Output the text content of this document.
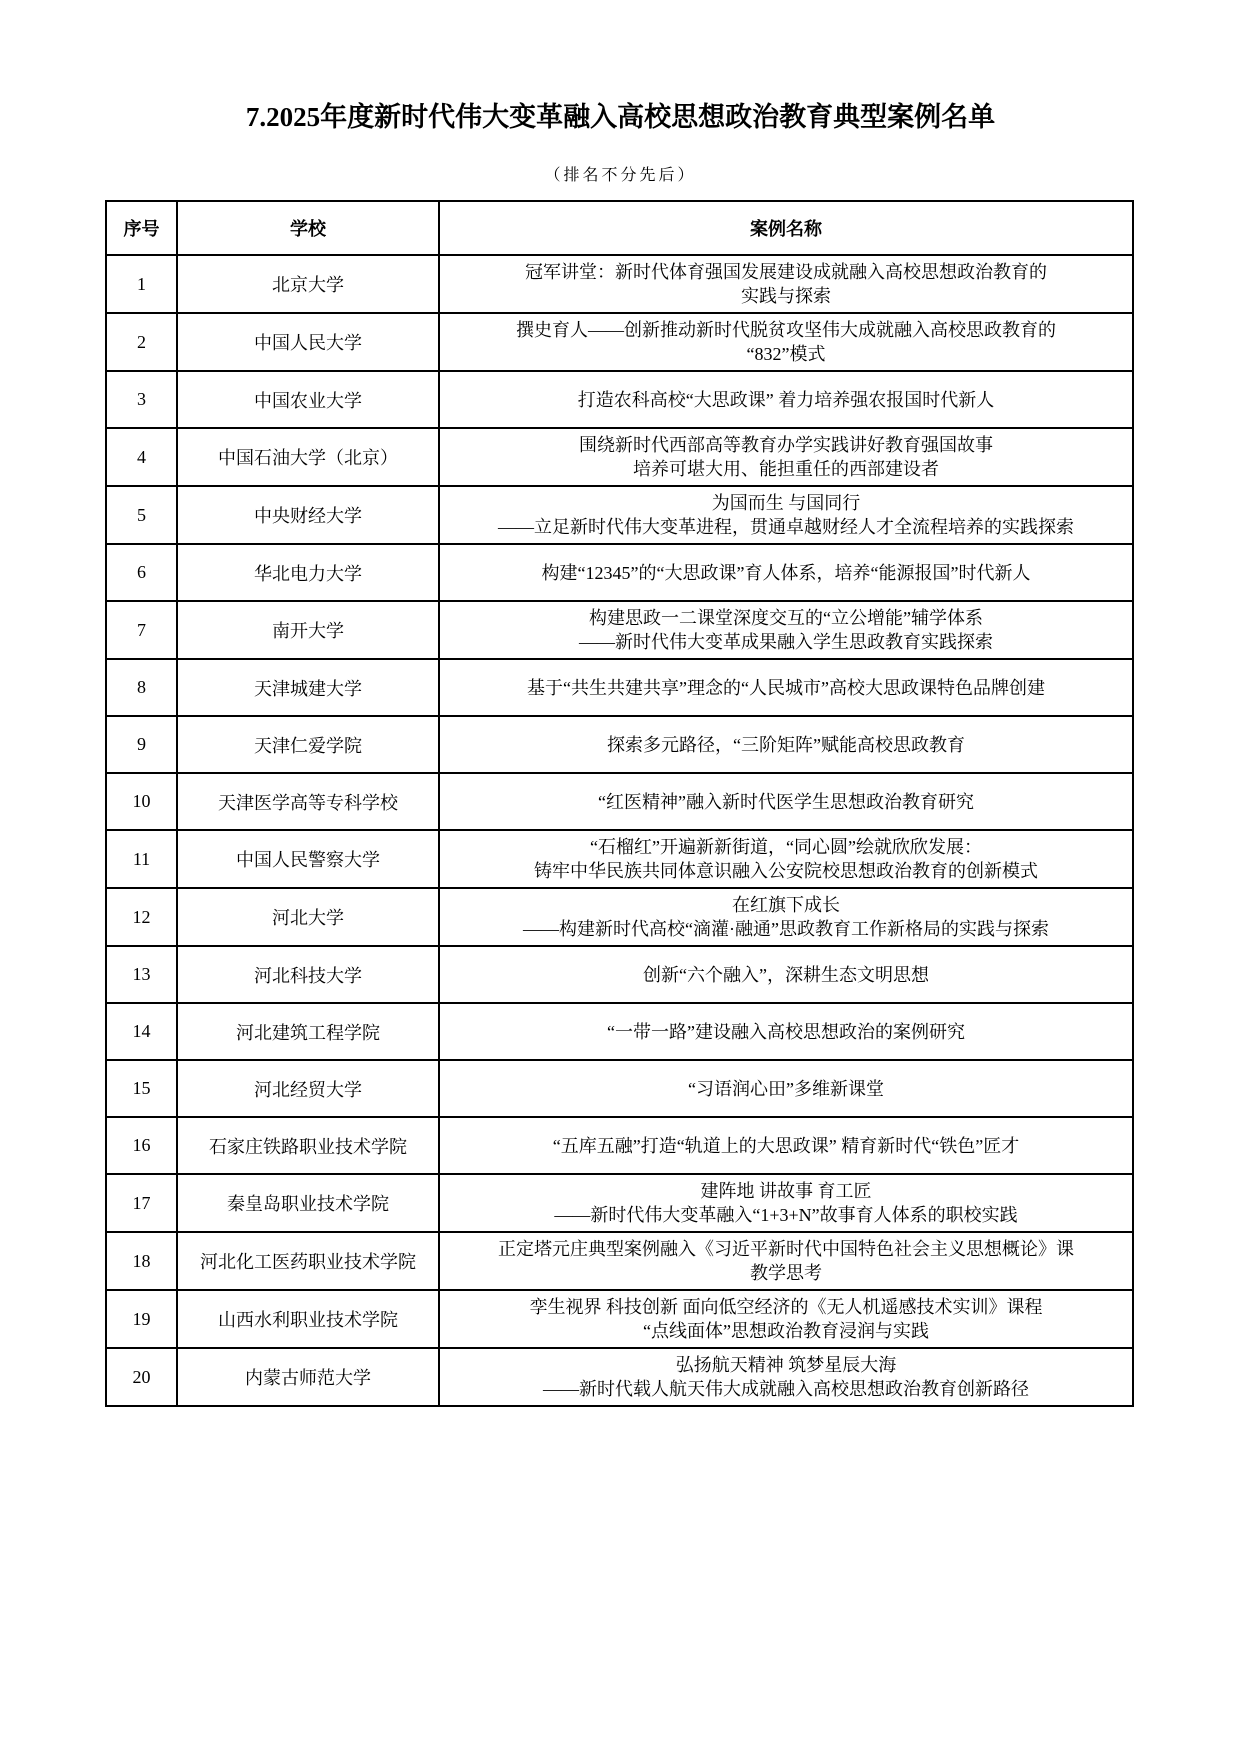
7.2025年度新时代伟大变革融入高校思想政治教育典型案例名单
（排名不分先后）
序号	学校	案例名称
1	北京大学	冠军讲堂：新时代体育强国发展建设成就融入高校思想政治教育的
实践与探索

2	中国人民大学	撰史育人——创新推动新时代脱贫攻坚伟大成就融入高校思政教育的
“832”模式

3	中国农业大学	打造农科高校“大思政课” 着力培养强农报国时代新人

4	中国石油大学（北京）	围绕新时代西部高等教育办学实践讲好教育强国故事
培养可堪大用、能担重任的西部建设者

5	中央财经大学	为国而生 与国同行
——立足新时代伟大变革进程，贯通卓越财经人才全流程培养的实践探索

6	华北电力大学	构建“12345”的“大思政课”育人体系，培养“能源报国”时代新人

7	南开大学	构建思政一二课堂深度交互的“立公增能”辅学体系
——新时代伟大变革成果融入学生思政教育实践探索

8	天津城建大学	基于“共生共建共享”理念的“人民城市”高校大思政课特色品牌创建

9	天津仁爱学院	探索多元路径，“三阶矩阵”赋能高校思政教育

10	天津医学高等专科学校	“红医精神”融入新时代医学生思想政治教育研究

11	中国人民警察大学	“石榴红”开遍新新街道，“同心圆”绘就欣欣发展：
铸牢中华民族共同体意识融入公安院校思想政治教育的创新模式

12	河北大学	在红旗下成长
——构建新时代高校“滴灌·融通”思政教育工作新格局的实践与探索

13	河北科技大学	创新“六个融入”，深耕生态文明思想

14	河北建筑工程学院	“一带一路”建设融入高校思想政治的案例研究

15	河北经贸大学	“习语润心田”多维新课堂

16	石家庄铁路职业技术学院	“五库五融”打造“轨道上的大思政课” 精育新时代“铁色”匠才

17	秦皇岛职业技术学院	建阵地 讲故事 育工匠
——新时代伟大变革融入“1+3+N”故事育人体系的职校实践

18	河北化工医药职业技术学院	正定塔元庄典型案例融入《习近平新时代中国特色社会主义思想概论》课
教学思考

19	山西水利职业技术学院	孪生视界 科技创新 面向低空经济的《无人机遥感技术实训》课程
“点线面体”思想政治教育浸润与实践

20	内蒙古师范大学	弘扬航天精神 筑梦星辰大海
——新时代载人航天伟大成就融入高校思想政治教育创新路径
